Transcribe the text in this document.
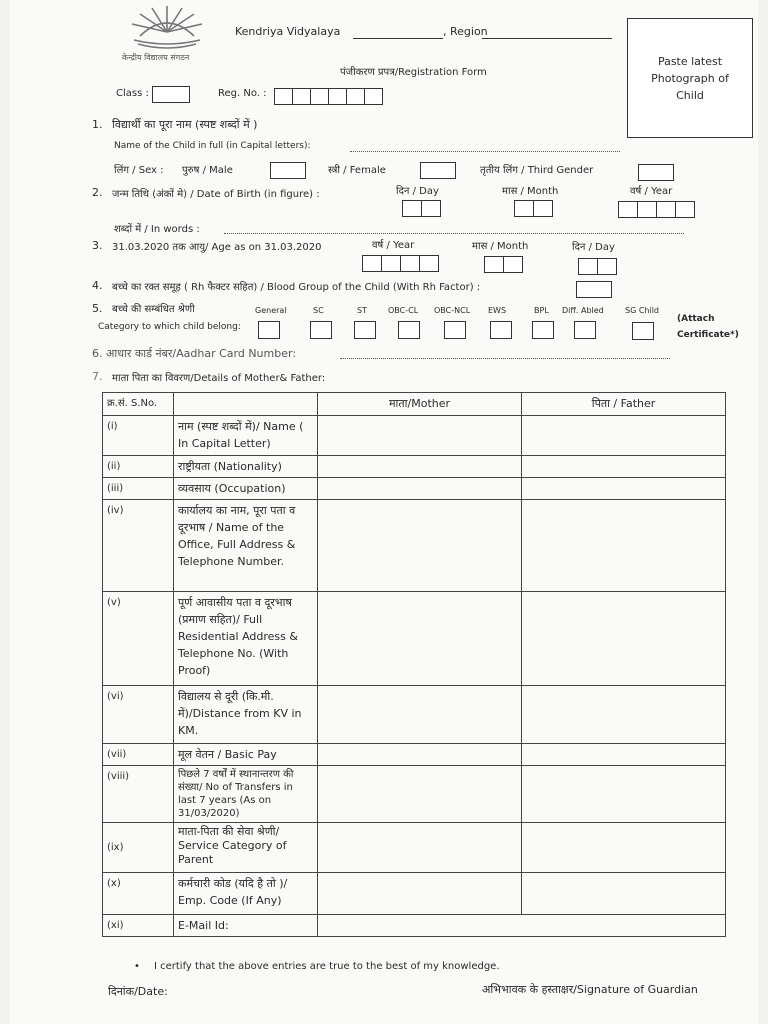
केन्द्रीय विद्यालय संगठन
Kendriya Vidyalaya	, Region
पंजीकरण प्रपत्र/Registration Form
Paste latest Photograph of Child
Class :	Reg. No. :
1. विद्यार्थी का पूरा नाम (स्पष्ट शब्दों में )
Name of the Child in full (in Capital letters):
लिंग / Sex : पुरुष / Male	स्त्री / Female	तृतीय लिंग / Third Gender
2. जन्म तिथि (अंकों मे) / Date of Birth (in figure) :	दिन / Day	मास / Month	वर्ष / Year
शब्दों में / In words :
3. 31.03.2020 तक आयु/ Age as on 31.03.2020	वर्ष / Year	मास / Month	दिन / Day
4. बच्चे का रक्त समूह ( Rh फैक्टर सहित) / Blood Group of the Child (With Rh Factor) :
5. बच्चे की सम्बंधित श्रेणी
Category to which child belong:
General	SC	ST	OBC-CL OBC-NCL EWS	BPL Diff. Abled	SG Child
(Attach
Certificate*)
6. आधार कार्ड नंबर/Aadhar Card Number:
7. माता पिता का विवरण/Details of Mother& Father:
क्र.सं. S.No.		माता/Mother	पिता / Father
(i)	नाम (स्पष्ट शब्दों में)/ Name ( In Capital Letter)		
(ii)	राष्ट्रीयता (Nationality)		
(iii)	व्यवसाय (Occupation)		
(iv)	कार्यालय का नाम, पूरा पता व दूरभाष / Name of the Office, Full Address & Telephone Number.		
(v)	पूर्ण आवासीय पता व दूरभाष (प्रमाण सहित)/ Full Residential Address & Telephone No. (With Proof)		
(vi)	विद्यालय से दूरी (कि.मी. में)/Distance from KV in KM.		
(vii)	मूल वेतन / Basic Pay		
(viii)	पिछले 7 वर्षों में स्थानान्तरण की संख्या/ No of Transfers in last 7 years (As on 31/03/2020)		
(ix)	माता-पिता की सेवा श्रेणी/ Service Category of Parent		
(x)	कर्मचारी कोड (यदि है तो )/ Emp. Code (If Any)		
(xi)	E-Mail Id:		
• I certify that the above entries are true to the best of my knowledge.
दिनांक/Date:	अभिभावक के हस्ताक्षर/Signature of Guardian
